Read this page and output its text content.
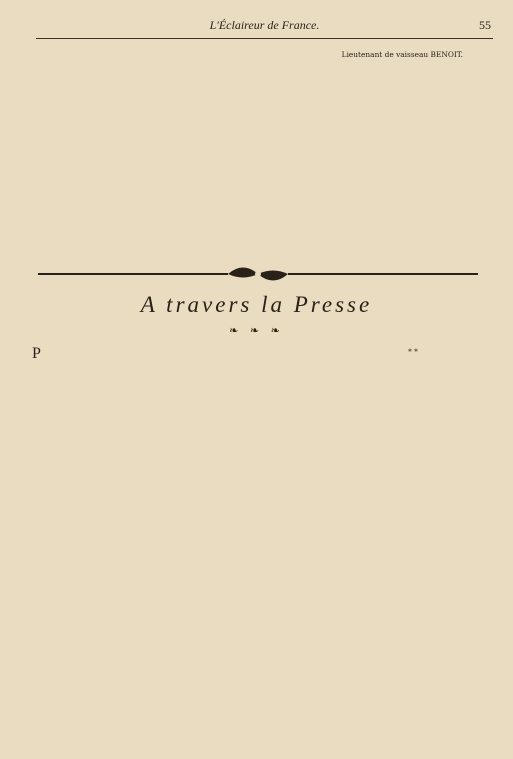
L'Éclaireur de France.	55

Lieutenant de vaisseau BENOIT.

A travers la Presse
❧ ❧ ❧
P	* *
